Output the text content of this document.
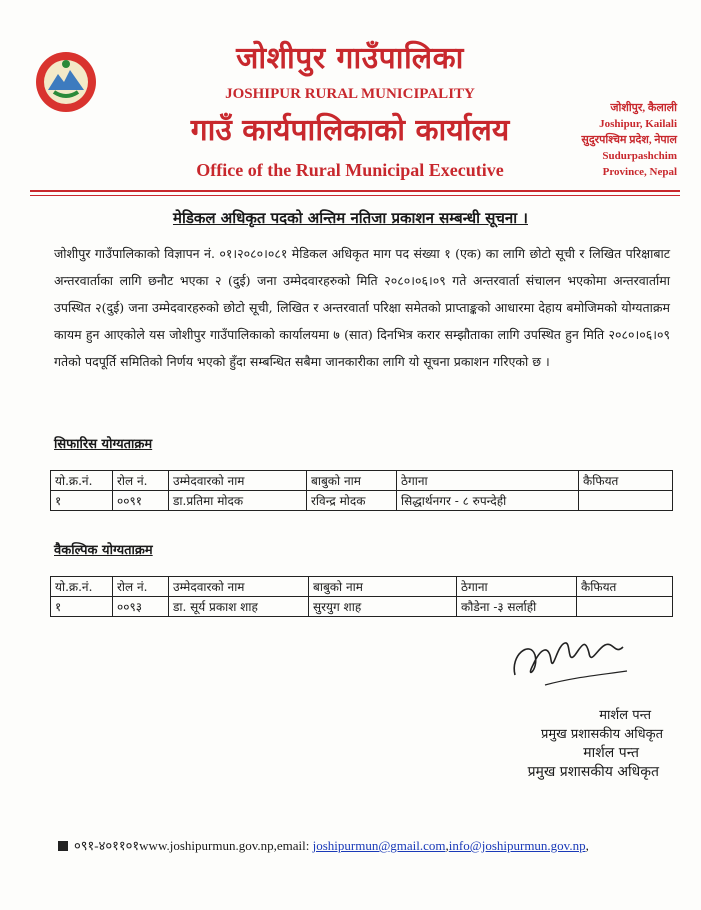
जोशीपुर गाउँपालिका
JOSHIPUR RURAL MUNICIPALITY
गाउँ कार्यपालिकाको कार्यालय
Office of the Rural Municipal Executive
जोशीपुर, कैलाली
Joshipur, Kailali
सुदुरपश्चिम प्रदेश, नेपाल
Sudurpashchim
Province, Nepal
मेडिकल अधिकृत पदको अन्तिम नतिजा प्रकाशन सम्बन्धी सूचना ।
जोशीपुर गाउँपालिकाको विज्ञापन नं. ०१।२०८०।०८१ मेडिकल अधिकृत माग पद संख्या १ (एक) का लागि छोटो सूची र लिखित परिक्षाबाट अन्तरवार्ताका लागि छनौट भएका २ (दुई) जना उम्मेदवारहरुको मिति २०८०।०६।०९ गते अन्तरवार्ता संचालन भएकोमा अन्तरवार्तामा उपस्थित २(दुई) जना उम्मेदवारहरुको छोटो सूची, लिखित र अन्तरवार्ता परिक्षा समेतको प्राप्ताङ्कको आधारमा देहाय बमोजिमको योग्यताक्रम कायम हुन आएकोले यस जोशीपुर गाउँपालिकाको कार्यालयमा ७ (सात) दिनभित्र करार सम्झौताका लागि उपस्थित हुन मिति २०८०।०६।०९ गतेको पदपूर्ति समितिको निर्णय भएको हुँदा सम्बन्धित सबैमा जानकारीका लागि यो सूचना प्रकाशन गरिएको छ ।
सिफारिस योग्यताक्रम
यो.क्र.नं.	रोल नं.	उम्मेदवारको नाम	बाबुको नाम	ठेगाना	कैफियत
१	००९१	डा.प्रतिमा मोदक	रविन्द्र मोदक	सिद्धार्थनगर - ८ रुपन्देही	
वैकल्पिक योग्यताक्रम
यो.क्र.नं.	रोल नं.	उम्मेदवारको नाम	बाबुको नाम	ठेगाना	कैफियत
१	००९३	डा. सूर्य प्रकाश शाह	सुरयुग शाह	कौडेना -३ सर्लाही	
मार्शल पन्त
प्रमुख प्रशासकीय अधिकृत
मार्शल पन्त
प्रमुख प्रशासकीय अधिकृत
०९१-४०११०१www.joshipurmun.gov.np,email: joshipurmun@gmail.com,info@joshipurmun.gov.np,
